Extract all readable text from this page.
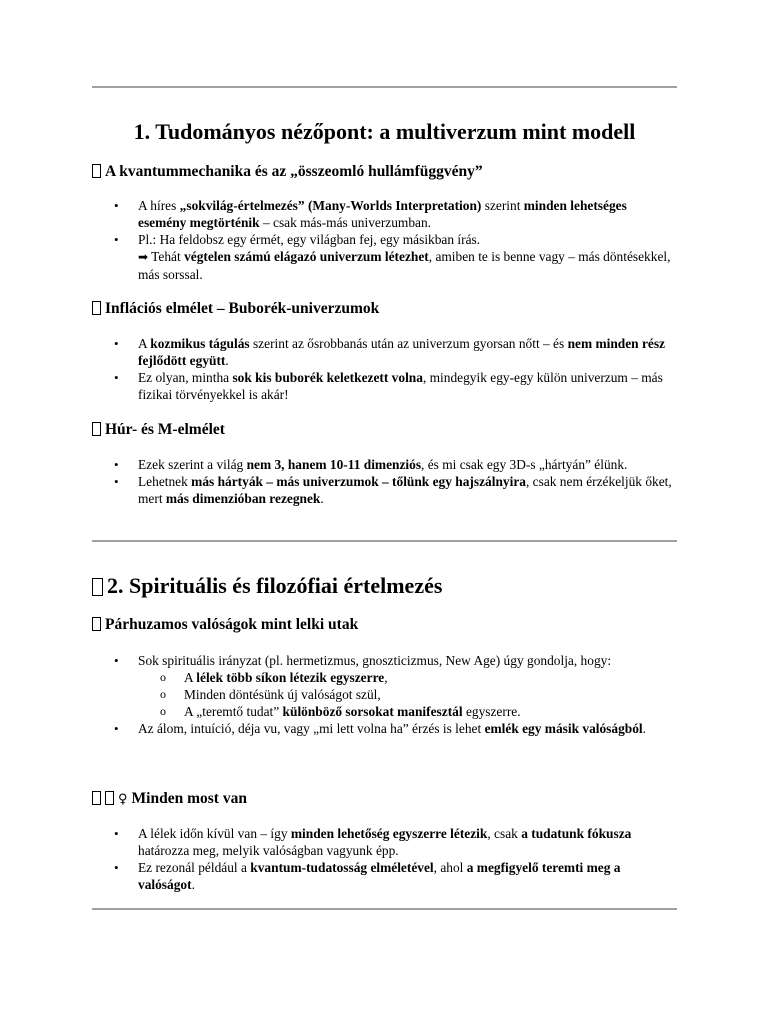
1. Tudományos nézőpont: a multiverzum mint modell
A kvantummechanika és az „összeomló hullámfüggvény”
• A híres „sokvilág-értelmezés” (Many-Worlds Interpretation) szerint minden lehetséges esemény megtörténik – csak más-más univerzumban.
• Pl.: Ha feldobsz egy érmét, egy világban fej, egy másikban írás.
➡ Tehát végtelen számú elágazó univerzum létezhet, amiben te is benne vagy – más döntésekkel, más sorssal.
Inflációs elmélet – Buborék-univerzumok
• A kozmikus tágulás szerint az ősrobbanás után az univerzum gyorsan nőtt – és nem minden rész fejlődött együtt.
• Ez olyan, mintha sok kis buborék keletkezett volna, mindegyik egy-egy külön univerzum – más fizikai törvényekkel is akár!
Húr- és M-elmélet
• Ezek szerint a világ nem 3, hanem 10-11 dimenziós, és mi csak egy 3D-s „hártyán” élünk.
• Lehetnek más hártyák – más univerzumok – tőlünk egy hajszálnyira, csak nem érzékeljük őket, mert más dimenzióban rezegnek.
2. Spirituális és filozófiai értelmezés
Párhuzamos valóságok mint lelki utak
• Sok spirituális irányzat (pl. hermetizmus, gnoszticizmus, New Age) úgy gondolja, hogy:
o A lélek több síkon létezik egyszerre,
o Minden döntésünk új valóságot szül,
o A „teremtő tudat” különböző sorsokat manifesztál egyszerre.
• Az álom, intuíció, déja vu, vagy „mi lett volna ha” érzés is lehet emlék egy másik valóságból.
♀ Minden most van
• A lélek időn kívül van – így minden lehetőség egyszerre létezik, csak a tudatunk fókusza határozza meg, melyik valóságban vagyunk épp.
• Ez rezonál például a kvantum-tudatosság elméletével, ahol a megfigyelő teremti meg a valóságot.
